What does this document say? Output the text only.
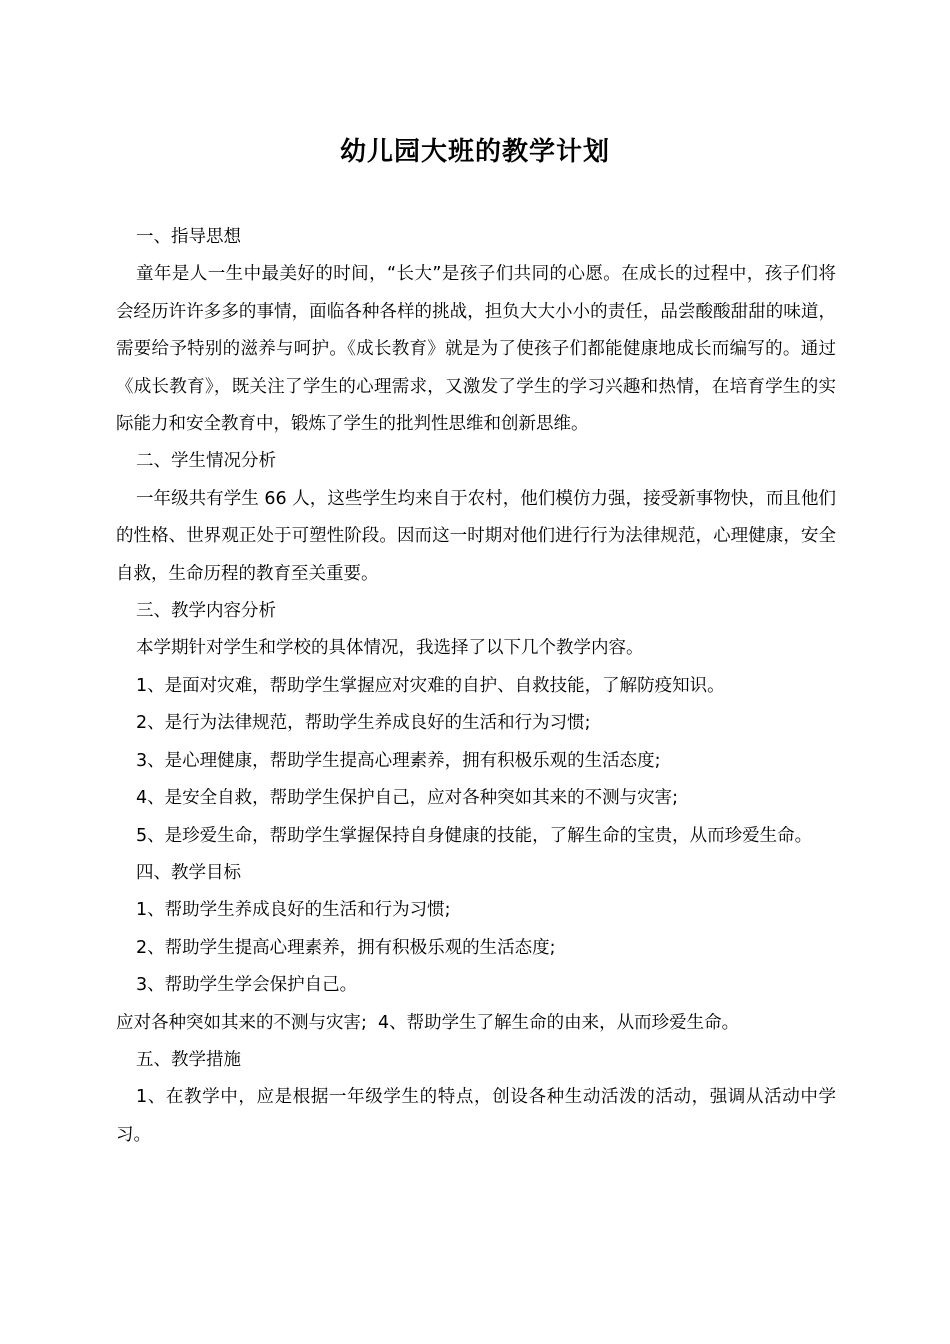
幼儿园大班的教学计划

一、指导思想

童年是人一生中最美好的时间，“长大”是孩子们共同的心愿。在成长的过程中，孩子们将会经历许许多多的事情，面临各种各样的挑战，担负大大小小的责任，品尝酸酸甜甜的味道，需要给予特别的滋养与呵护。《成长教育》就是为了使孩子们都能健康地成长而编写的。通过《成长教育》，既关注了学生的心理需求，又激发了学生的学习兴趣和热情，在培育学生的实际能力和安全教育中，锻炼了学生的批判性思维和创新思维。

二、学生情况分析

一年级共有学生 66 人，这些学生均来自于农村，他们模仿力强，接受新事物快，而且他们的性格、世界观正处于可塑性阶段。因而这一时期对他们进行行为法律规范，心理健康，安全自救，生命历程的教育至关重要。

三、教学内容分析

本学期针对学生和学校的具体情况，我选择了以下几个教学内容。

1、是面对灾难，帮助学生掌握应对灾难的自护、自救技能，了解防疫知识。

2、是行为法律规范，帮助学生养成良好的生活和行为习惯;

3、是心理健康，帮助学生提高心理素养，拥有积极乐观的生活态度;

4、是安全自救，帮助学生保护自己，应对各种突如其来的不测与灾害;

5、是珍爱生命，帮助学生掌握保持自身健康的技能，了解生命的宝贵，从而珍爱生命。

四、教学目标

1、帮助学生养成良好的生活和行为习惯;

2、帮助学生提高心理素养，拥有积极乐观的生活态度;

3、帮助学生学会保护自己。

应对各种突如其来的不测与灾害;  4、帮助学生了解生命的由来，从而珍爱生命。

五、教学措施

1、在教学中，应是根据一年级学生的特点，创设各种生动活泼的活动，强调从活动中学习。
